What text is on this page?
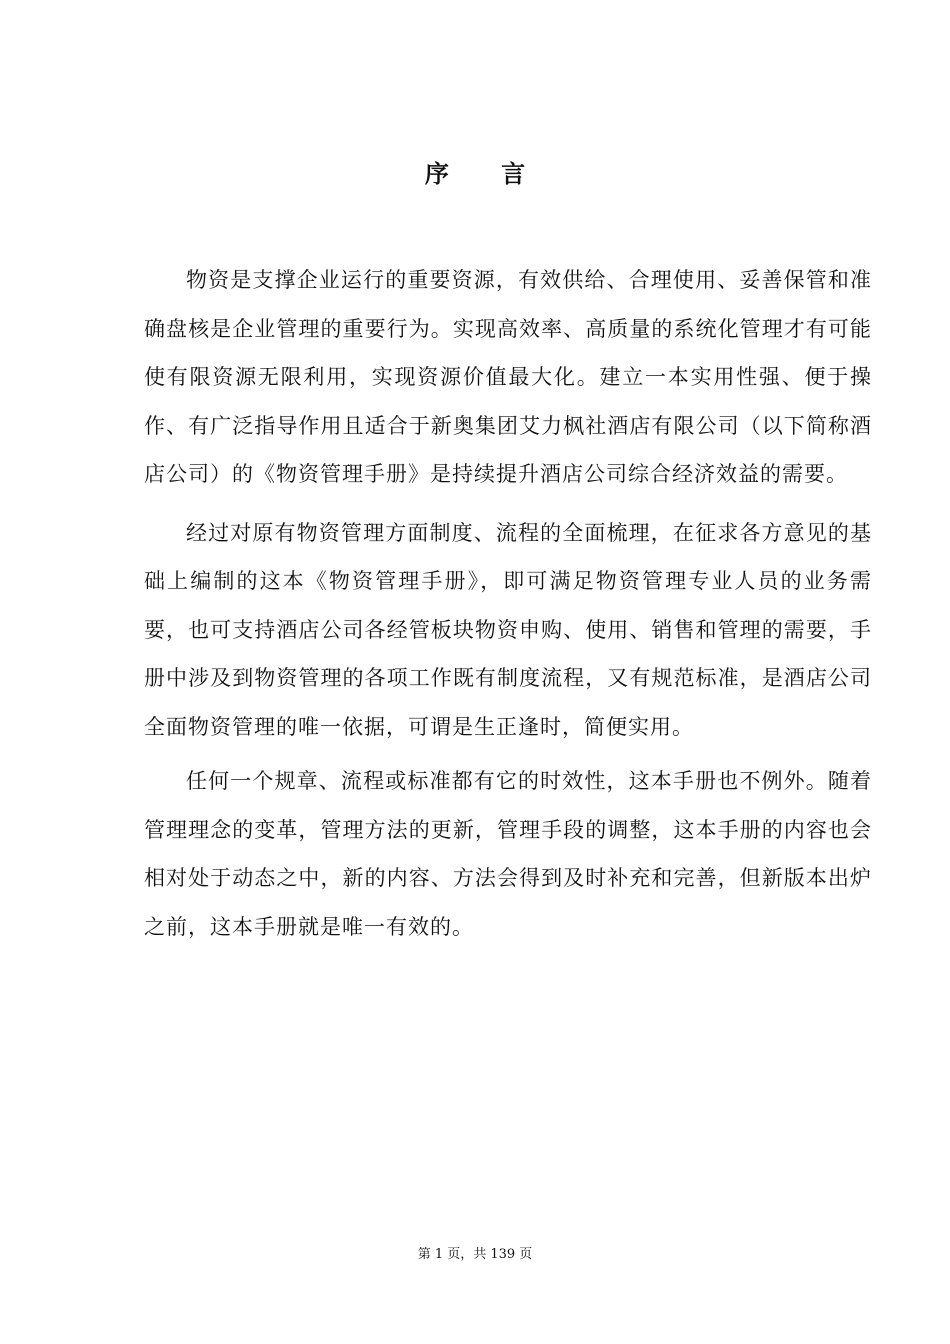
序 言

物资是支撑企业运行的重要资源，有效供给、合理使用、妥善保管和准确盘核是企业管理的重要行为。实现高效率、高质量的系统化管理才有可能使有限资源无限利用，实现资源价值最大化。建立一本实用性强、便于操作、有广泛指导作用且适合于新奥集团艾力枫社酒店有限公司（以下简称酒店公司）的《物资管理手册》是持续提升酒店公司综合经济效益的需要。

经过对原有物资管理方面制度、流程的全面梳理，在征求各方意见的基础上编制的这本《物资管理手册》，即可满足物资管理专业人员的业务需要，也可支持酒店公司各经管板块物资申购、使用、销售和管理的需要，手册中涉及到物资管理的各项工作既有制度流程，又有规范标准，是酒店公司全面物资管理的唯一依据，可谓是生正逢时，简便实用。

任何一个规章、流程或标准都有它的时效性，这本手册也不例外。随着管理理念的变革，管理方法的更新，管理手段的调整，这本手册的内容也会相对处于动态之中，新的内容、方法会得到及时补充和完善，但新版本出炉之前，这本手册就是唯一有效的。

第 1 页，共 139 页
